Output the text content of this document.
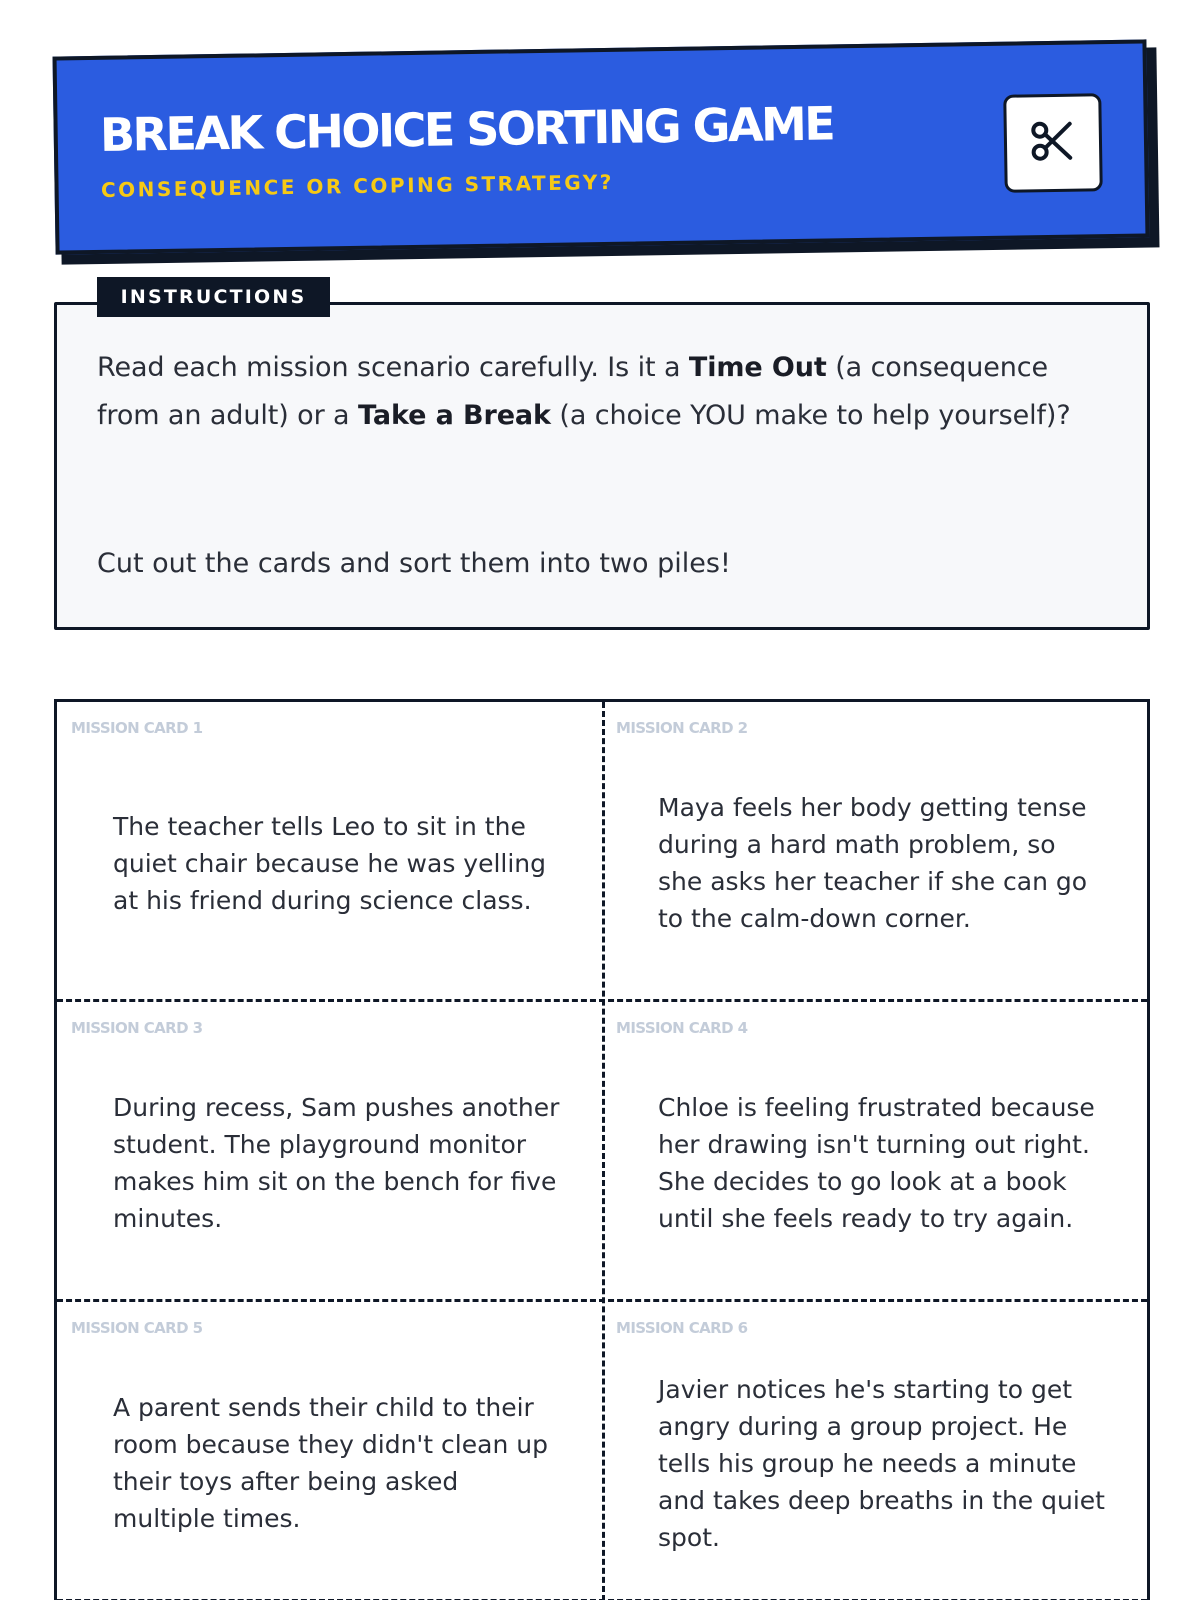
BREAK CHOICE SORTING GAME
CONSEQUENCE OR COPING STRATEGY?
INSTRUCTIONS
Read each mission scenario carefully. Is it a Time Out (a consequence from an adult) or a Take a Break (a choice YOU make to help yourself)?
Cut out the cards and sort them into two piles!
MISSION CARD 1
The teacher tells Leo to sit in the quiet chair because he was yelling at his friend during science class.
MISSION CARD 2
Maya feels her body getting tense during a hard math problem, so she asks her teacher if she can go to the calm-down corner.
MISSION CARD 3
During recess, Sam pushes another student. The playground monitor makes him sit on the bench for five minutes.
MISSION CARD 4
Chloe is feeling frustrated because her drawing isn't turning out right. She decides to go look at a book until she feels ready to try again.
MISSION CARD 5
A parent sends their child to their room because they didn't clean up their toys after being asked multiple times.
MISSION CARD 6
Javier notices he's starting to get angry during a group project. He tells his group he needs a minute and takes deep breaths in the quiet spot.
